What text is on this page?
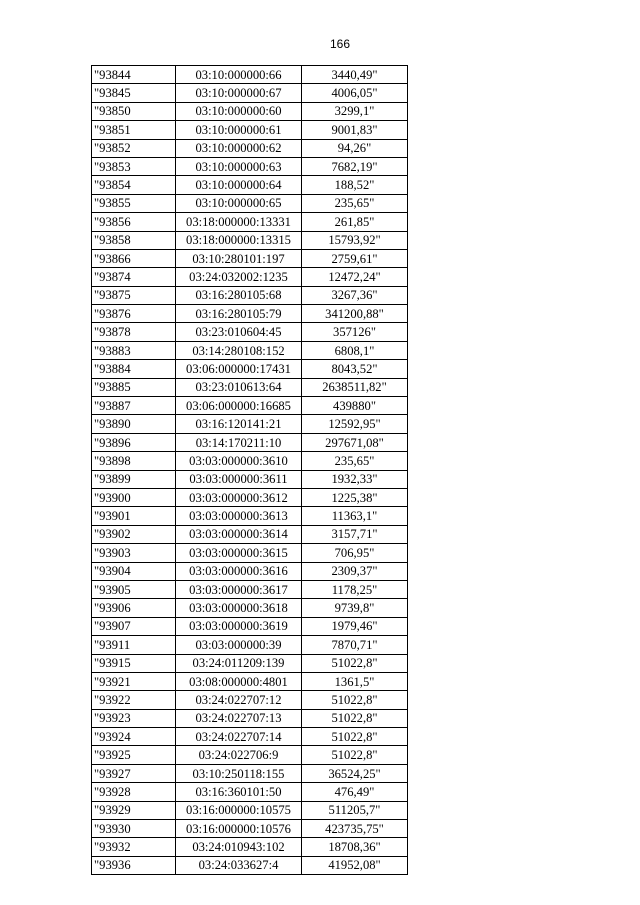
166
"93844	03:10:000000:66	3440,49"
"93845	03:10:000000:67	4006,05"
"93850	03:10:000000:60	3299,1"
"93851	03:10:000000:61	9001,83"
"93852	03:10:000000:62	94,26"
"93853	03:10:000000:63	7682,19"
"93854	03:10:000000:64	188,52"
"93855	03:10:000000:65	235,65"
"93856	03:18:000000:13331	261,85"
"93858	03:18:000000:13315	15793,92"
"93866	03:10:280101:197	2759,61"
"93874	03:24:032002:1235	12472,24"
"93875	03:16:280105:68	3267,36"
"93876	03:16:280105:79	341200,88"
"93878	03:23:010604:45	357126"
"93883	03:14:280108:152	6808,1"
"93884	03:06:000000:17431	8043,52"
"93885	03:23:010613:64	2638511,82"
"93887	03:06:000000:16685	439880"
"93890	03:16:120141:21	12592,95"
"93896	03:14:170211:10	297671,08"
"93898	03:03:000000:3610	235,65"
"93899	03:03:000000:3611	1932,33"
"93900	03:03:000000:3612	1225,38"
"93901	03:03:000000:3613	11363,1"
"93902	03:03:000000:3614	3157,71"
"93903	03:03:000000:3615	706,95"
"93904	03:03:000000:3616	2309,37"
"93905	03:03:000000:3617	1178,25"
"93906	03:03:000000:3618	9739,8"
"93907	03:03:000000:3619	1979,46"
"93911	03:03:000000:39	7870,71"
"93915	03:24:011209:139	51022,8"
"93921	03:08:000000:4801	1361,5"
"93922	03:24:022707:12	51022,8"
"93923	03:24:022707:13	51022,8"
"93924	03:24:022707:14	51022,8"
"93925	03:24:022706:9	51022,8"
"93927	03:10:250118:155	36524,25"
"93928	03:16:360101:50	476,49"
"93929	03:16:000000:10575	511205,7"
"93930	03:16:000000:10576	423735,75"
"93932	03:24:010943:102	18708,36"
"93936	03:24:033627:4	41952,08"
